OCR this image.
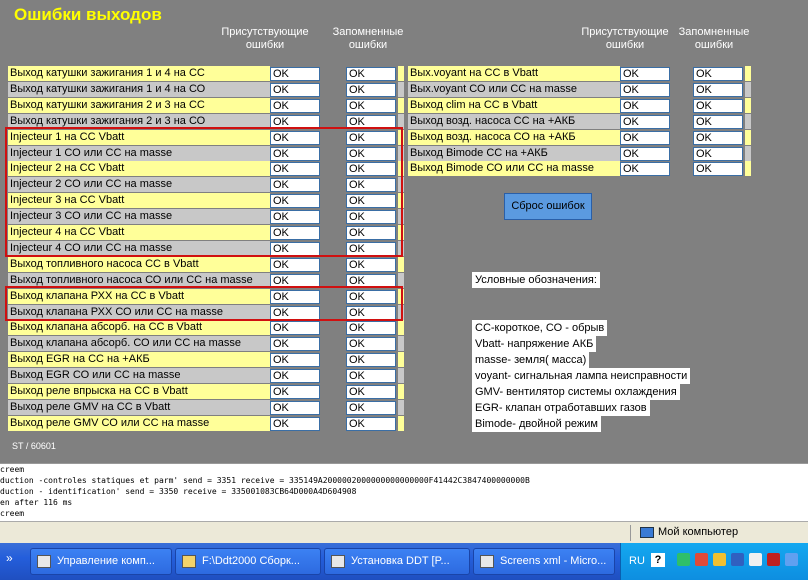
Ошибки выходов
Присутствующие
ошибки
Запомненные
ошибки
Присутствующие
ошибки
Запомненные
ошибки
Выход катушки зажигания 1 и 4 на СС	OK	OK
Выход катушки зажигания 1 и 4 на СО	OK	OK
Выход катушки зажигания 2 и 3 на СС	OK	OK
Выход катушки зажигания 2 и 3 на СО	OK	OK
Injecteur 1 на СС Vbatt	OK	OK
Injecteur 1 СО или СС на masse	OK	OK
Injecteur 2 на СС Vbatt	OK	OK
Injecteur 2 СО или СС на masse	OK	OK
Injecteur 3 на СС Vbatt	OK	OK
Injecteur 3 СО или СС на masse	OK	OK
Injecteur 4 на СС Vbatt	OK	OK
Injecteur 4 СО или СС на masse	OK	OK
Выход топливного насоса СС в Vbatt	OK	OK
Выход топливного насоса СО или СС на masse	OK	OK
Выход клапана РХХ на СС в Vbatt	OK	OK
Выход клапана РХХ СО или СС на masse	OK	OK
Выход клапана абсорб. на СС в Vbatt	OK	OK
Выход клапана абсорб. СО или СС на masse	OK	OK
Выход EGR на СС на +АКБ	OK	OK
Выход EGR СО или СС на masse	OK	OK
Выход реле впрыска на СС в Vbatt	OK	OK
Выход реле GMV на СС в Vbatt	OK	OK
Выход реле GMV СО или СС на masse	OK	OK
Вых.voyant на СС в Vbatt	OK	OK
Вых.voyant СО или СС на masse	OK	OK
Выход clim на СС в Vbatt	OK	OK
Выход возд. насоса СС на +АКБ	OK	OK
Выход возд. насоса СО на +АКБ	OK	OK
Выход Bimode СС на +АКБ	OK	OK
Выход Bimode СО или СС на masse	OK	OK
Сброс ошибок
Условные обозначения:
СС-короткое, СО - обрыв
Vbatt- напряжение АКБ
masse- земля( масса)
voyant- сигнальная лампа неисправности
GMV- вентилятор системы охлаждения
EGR- клапан отработавших газов
Bimode- двойной режим
ST / 60601
creem
duction -controles statiques et parm' send = 3351 receive = 335149A2000002000000000000000F41442C3847400000000B
duction - identification' send = 3350 receive = 335001083CB64D000A4D604908
en after 116 ms
creem
Мой компьютер
»	Управление комп...	F:\Ddt2000 Сборк...	Установка DDT [P...	Screens xml - Micro...	RU ?
